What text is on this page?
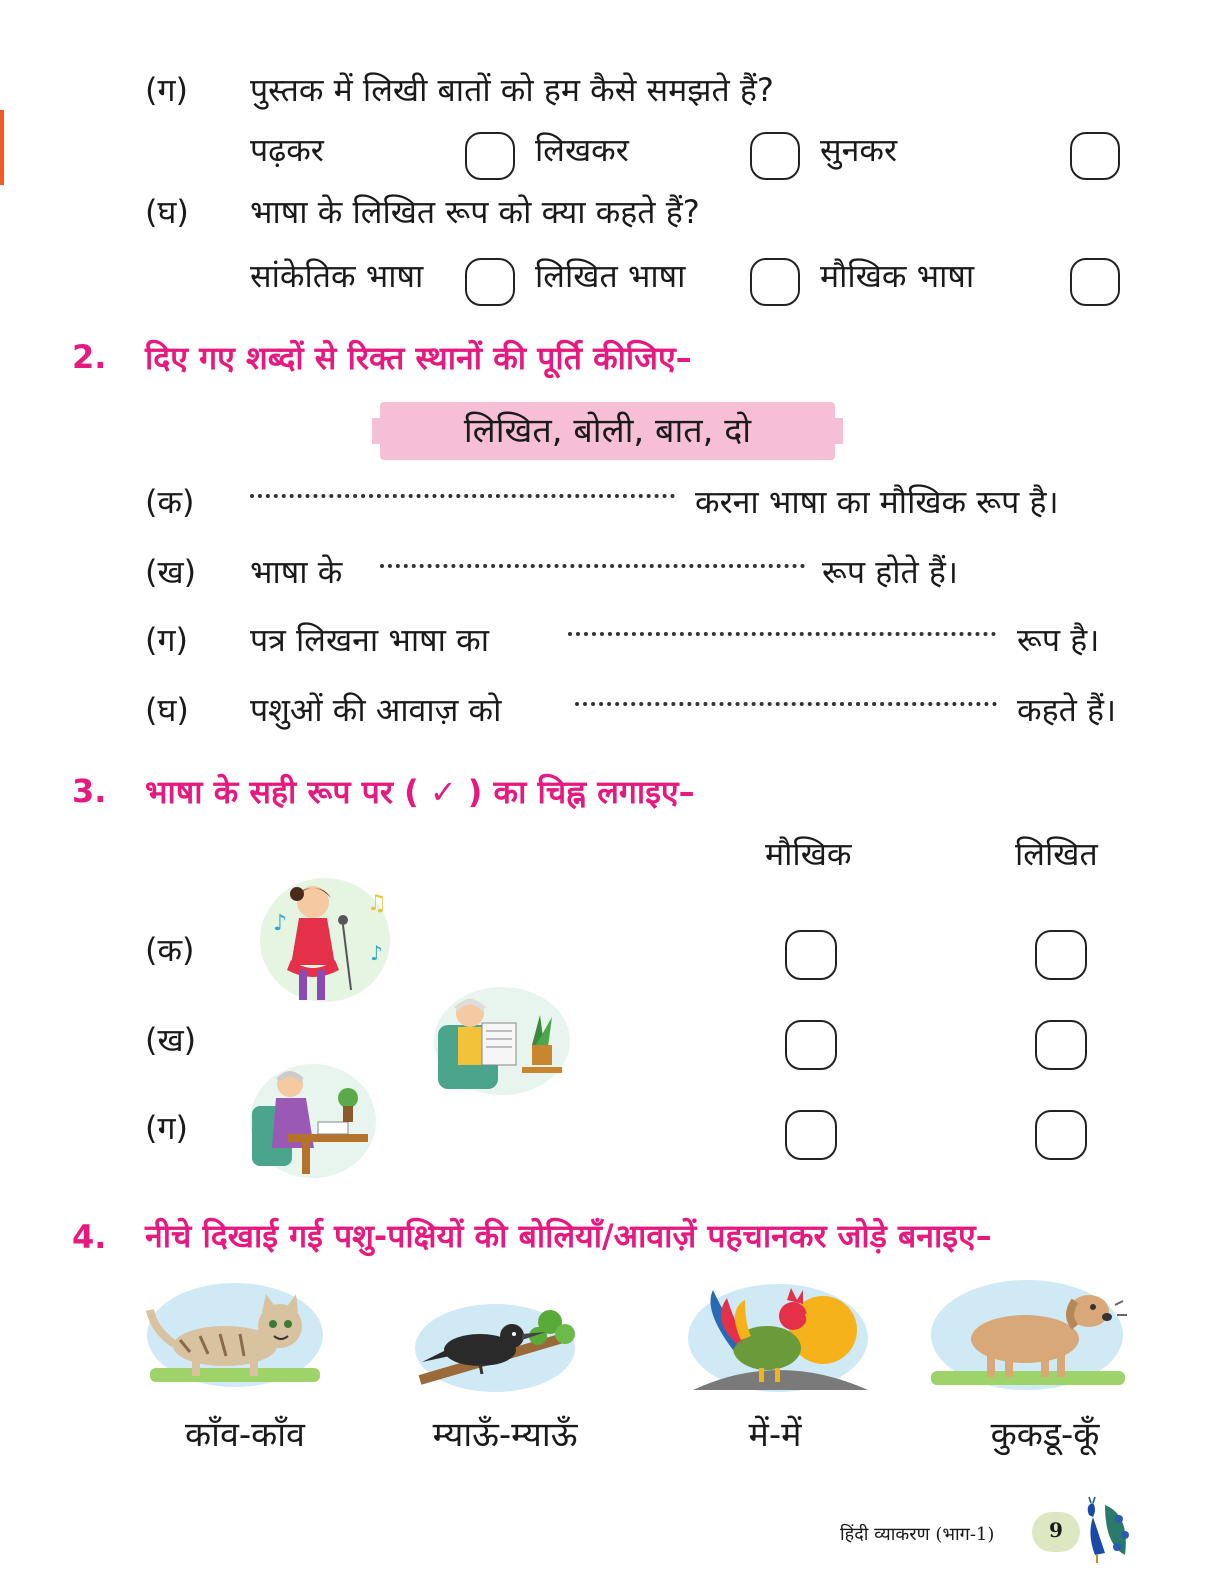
(ग) पुस्तक में लिखी बातों को हम कैसे समझते हैं?
पढ़कर	लिखकर	सुनकर
(घ) भाषा के लिखित रूप को क्या कहते हैं?
सांकेतिक भाषा	लिखित भाषा	मौखिक भाषा
2. दिए गए शब्दों से रिक्त स्थानों की पूर्ति कीजिए–
लिखित, बोली, बात, दो
(क)	करना भाषा का मौखिक रूप है।
(ख) भाषा के	रूप होते हैं।
(ग) पत्र लिखना भाषा का	रूप है।
(घ) पशुओं की आवाज़ को	कहते हैं।
3. भाषा के सही रूप पर ( ✓ ) का चिह्न लगाइए–
मौखिक	लिखित
(क)
(ख)
(ग)
♪
♫
♪
4. नीचे दिखाई गई पशु-पक्षियों की बोलियाँ/आवाज़ें पहचानकर जोड़े बनाइए–
काँव-काँव	म्याऊँ-म्याऊँ	में-में	कुकडू-कूँ
हिंदी व्याकरण (भाग-1)	9
